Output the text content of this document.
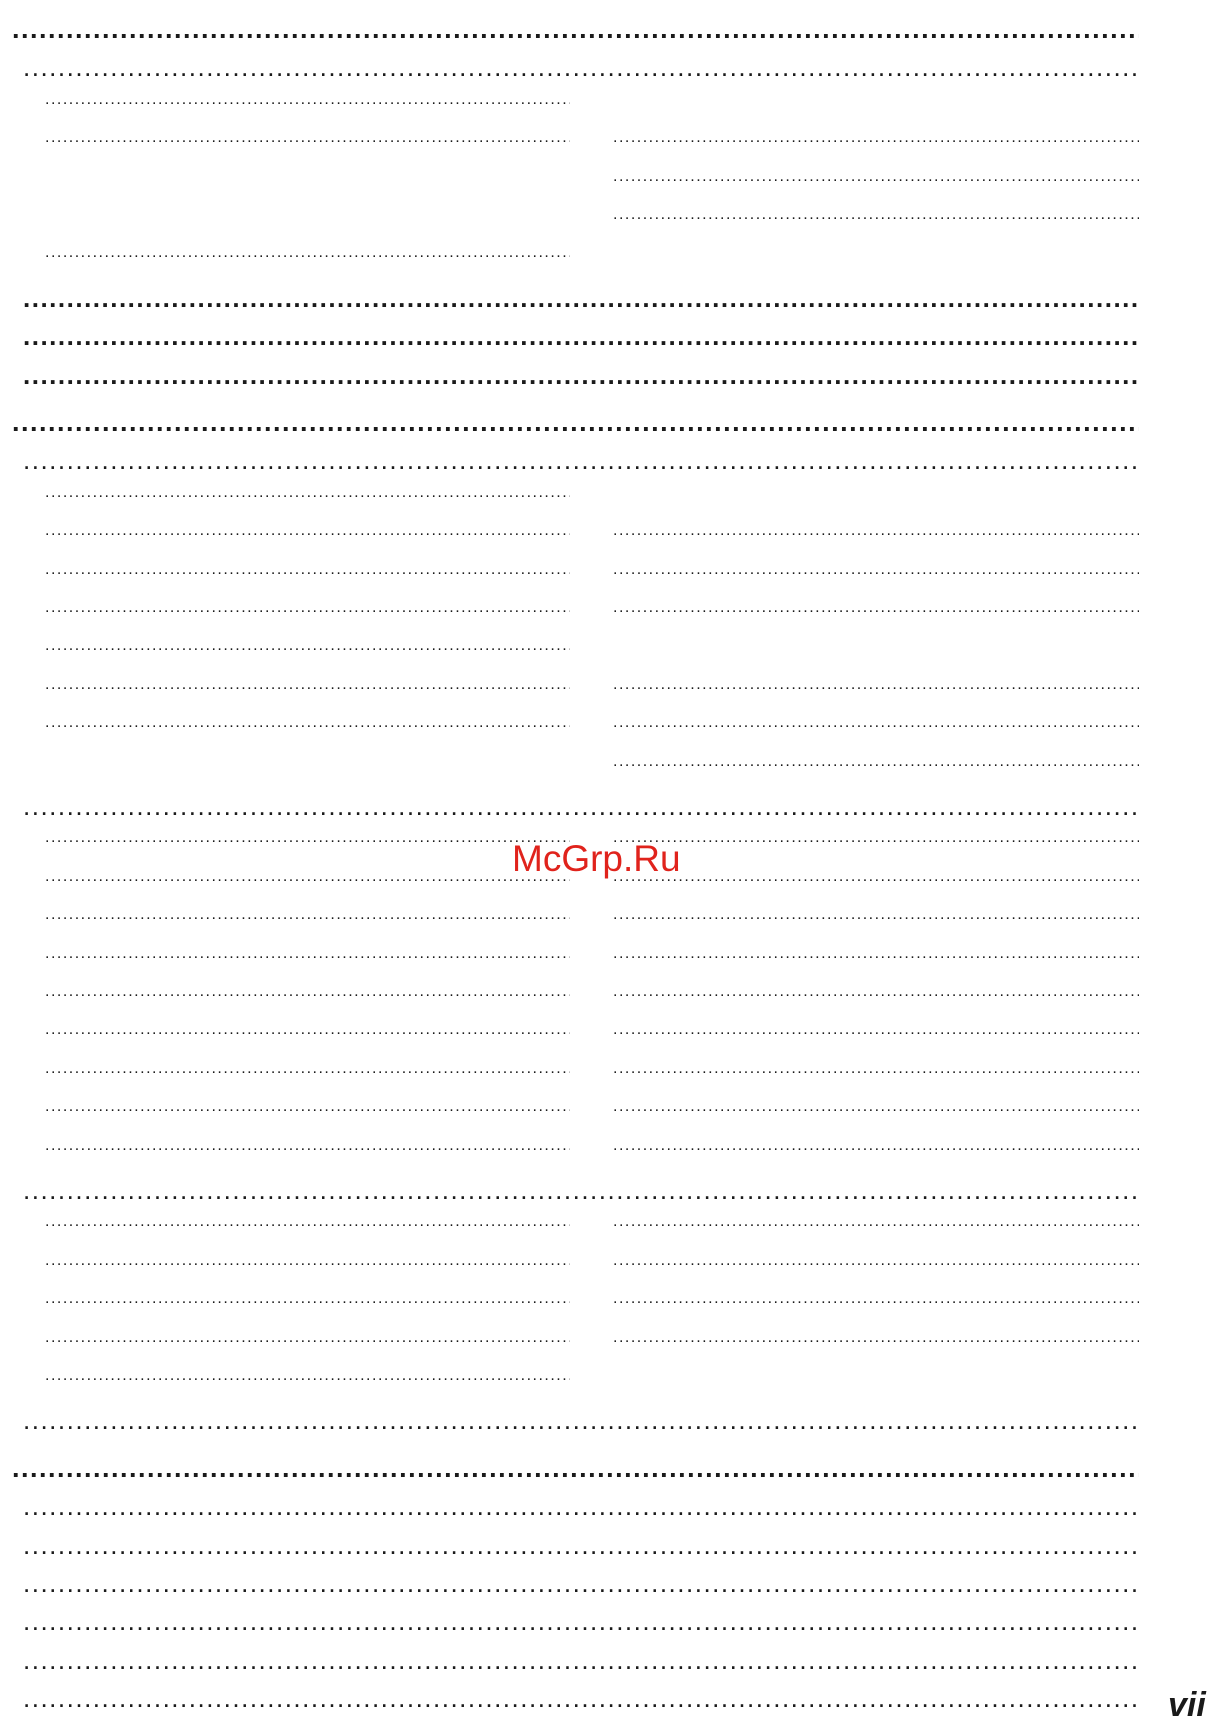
.....
.....
.....
.....
.....
.....
.....
.....
.....
.....
.....
.....
.....
.....
.....
.....
.....
.....
.....
.....
.....
.....
.....
.....
.....
.....
.....
.....
.....
.....
.....
.....
.....
.....
.....
.....
.....
.....
.....
.....
.....
.....
.....
.....
.....
.....
.....
.....
.....
.....
.....
.....
.....
.....
.....
.....
.....
.....
.....
.....
.....
.....
.....
McGrp.Ru
vii
